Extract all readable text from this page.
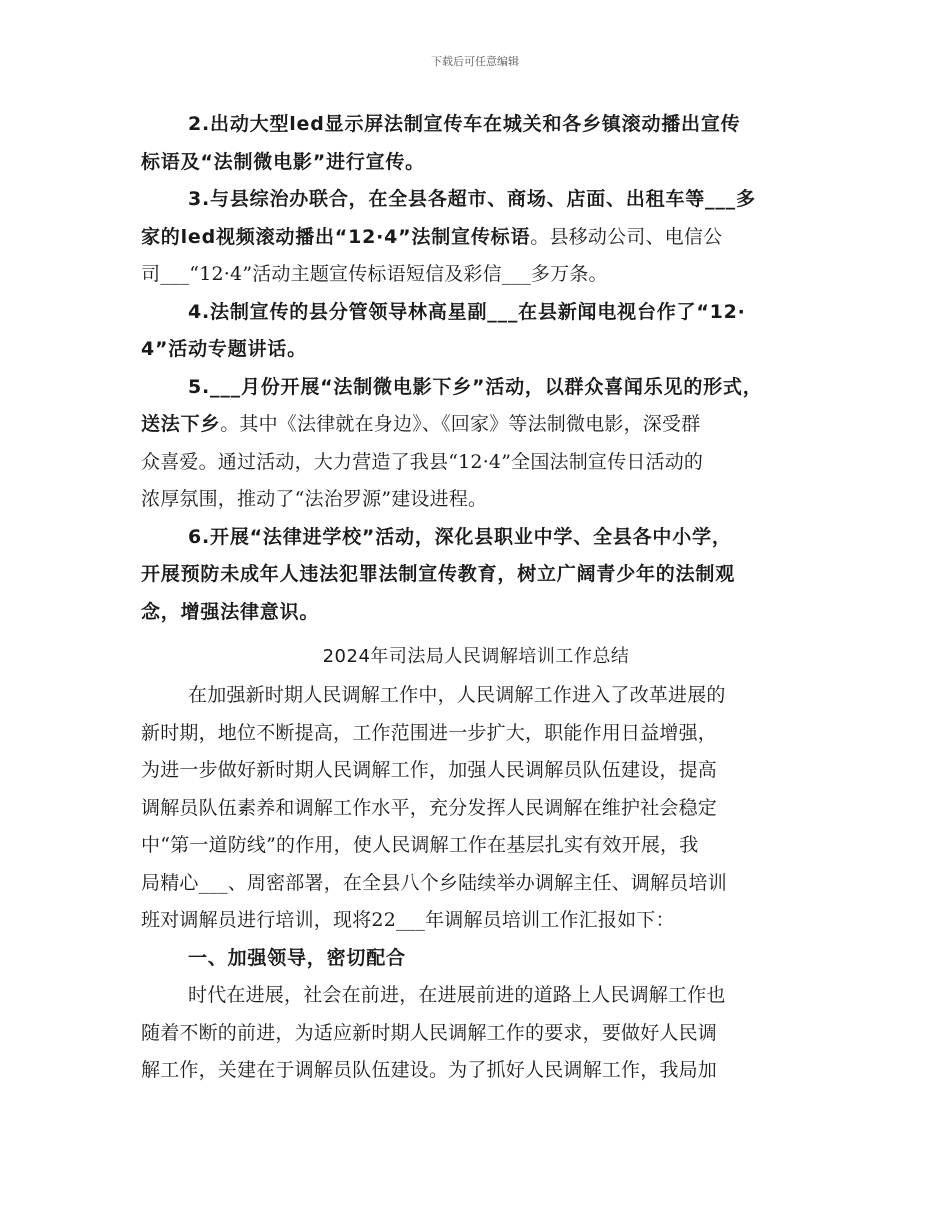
下载后可任意编辑
2.出动大型led显示屏法制宣传车在城关和各乡镇滚动播出宣传
标语及“法制微电影”进行宣传。
3.与县综治办联合，在全县各超市、商场、店面、出租车等___多
家的led视频滚动播出“12·4”法制宣传标语。县移动公司、电信公
司___“12·4”活动主题宣传标语短信及彩信___多万条。
4.法制宣传的县分管领导林高星副___在县新闻电视台作了“12·
4”活动专题讲话。
5.___月份开展“法制微电影下乡”活动，以群众喜闻乐见的形式，
送法下乡。其中《法律就在身边》、《回家》等法制微电影，深受群
众喜爱。通过活动，大力营造了我县“12·4”全国法制宣传日活动的
浓厚氛围，推动了“法治罗源”建设进程。
6.开展“法律进学校”活动，深化县职业中学、全县各中小学，
开展预防未成年人违法犯罪法制宣传教育，树立广阔青少年的法制观
念，增强法律意识。
2024年司法局人民调解培训工作总结
在加强新时期人民调解工作中，人民调解工作进入了改革进展的
新时期，地位不断提高，工作范围进一步扩大，职能作用日益增强，
为进一步做好新时期人民调解工作，加强人民调解员队伍建设，提高
调解员队伍素养和调解工作水平，充分发挥人民调解在维护社会稳定
中“第一道防线”的作用，使人民调解工作在基层扎实有效开展，我
局精心___、周密部署，在全县八个乡陆续举办调解主任、调解员培训
班对调解员进行培训，现将22___年调解员培训工作汇报如下：
一、加强领导，密切配合
时代在进展，社会在前进，在进展前进的道路上人民调解工作也
随着不断的前进，为适应新时期人民调解工作的要求，要做好人民调
解工作，关建在于调解员队伍建设。为了抓好人民调解工作，我局加
